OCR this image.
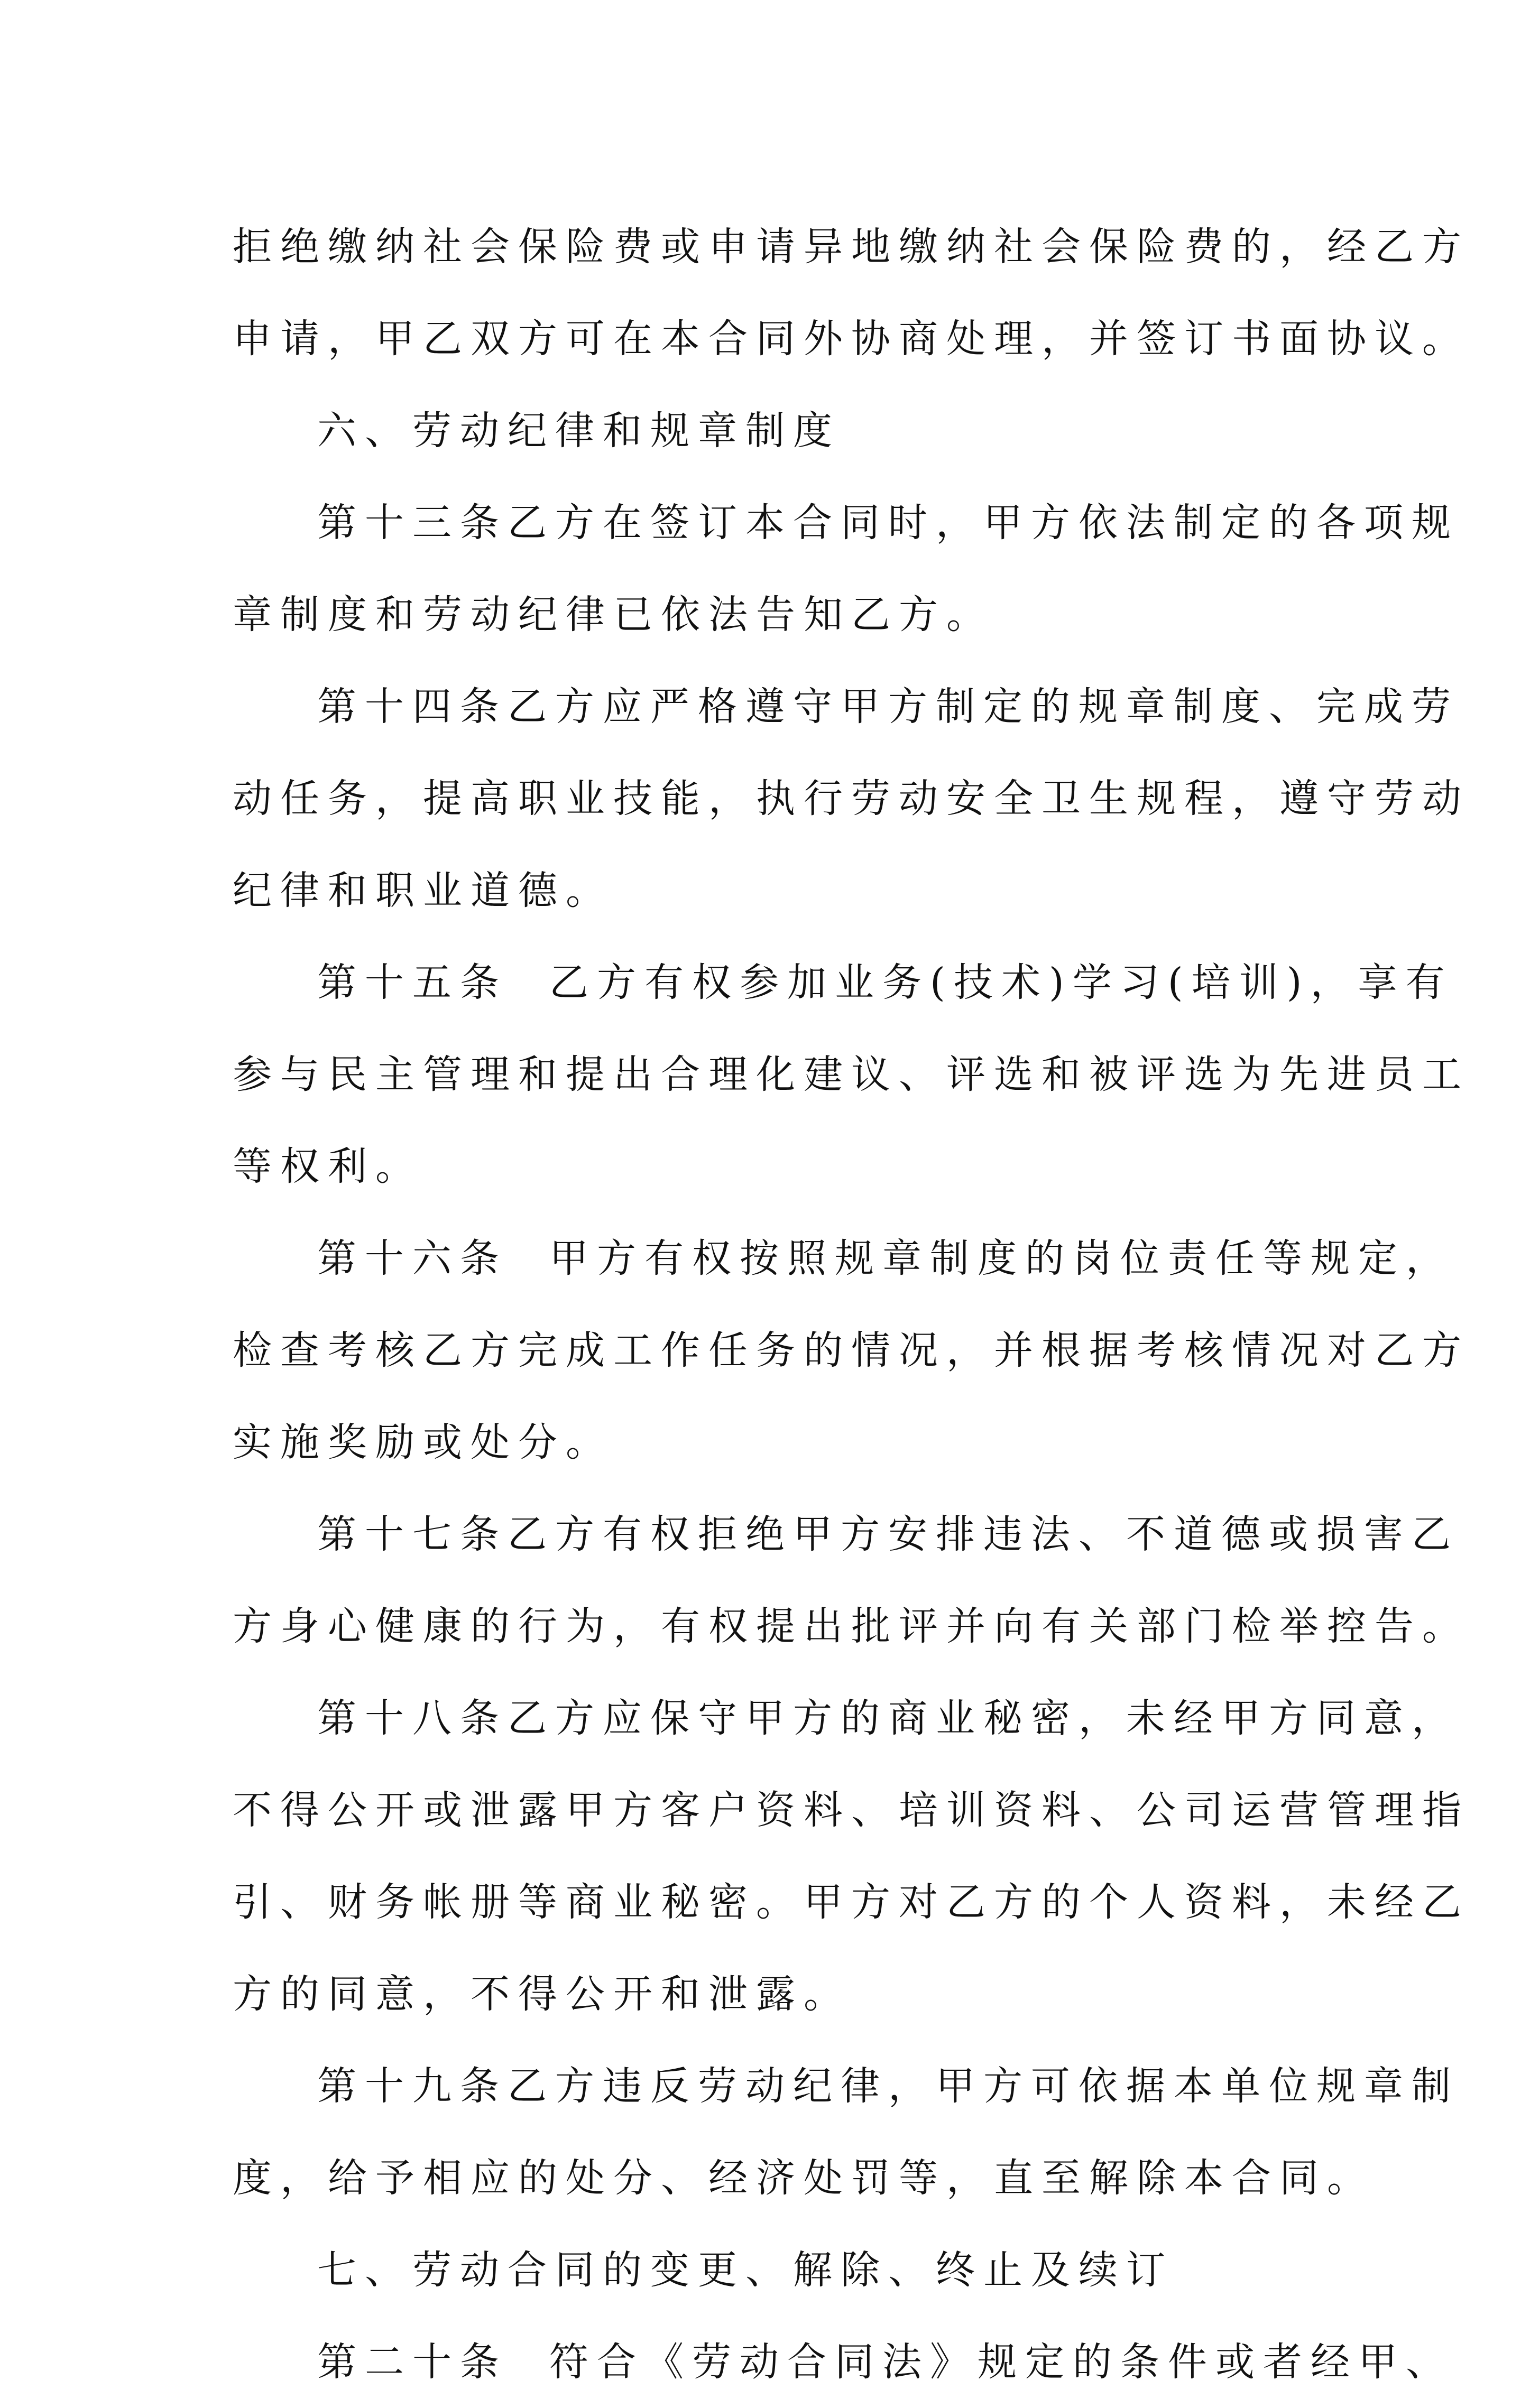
拒绝缴纳社会保险费或申请异地缴纳社会保险费的，经乙方

申请，甲乙双方可在本合同外协商处理，并签订书面协议。

六、劳动纪律和规章制度

第十三条乙方在签订本合同时，甲方依法制定的各项规

章制度和劳动纪律已依法告知乙方。

第十四条乙方应严格遵守甲方制定的规章制度、完成劳

动任务，提高职业技能，执行劳动安全卫生规程，遵守劳动

纪律和职业道德。

第十五条  乙方有权参加业务(技术)学习(培训)，享有

参与民主管理和提出合理化建议、评选和被评选为先进员工

等权利。

第十六条  甲方有权按照规章制度的岗位责任等规定，

检查考核乙方完成工作任务的情况，并根据考核情况对乙方

实施奖励或处分。

第十七条乙方有权拒绝甲方安排违法、不道德或损害乙

方身心健康的行为，有权提出批评并向有关部门检举控告。

第十八条乙方应保守甲方的商业秘密，未经甲方同意，

不得公开或泄露甲方客户资料、培训资料、公司运营管理指

引、财务帐册等商业秘密。甲方对乙方的个人资料，未经乙

方的同意，不得公开和泄露。

第十九条乙方违反劳动纪律，甲方可依据本单位规章制

度，给予相应的处分、经济处罚等，直至解除本合同。

七、劳动合同的变更、解除、终止及续订

第二十条  符合《劳动合同法》规定的条件或者经甲、
